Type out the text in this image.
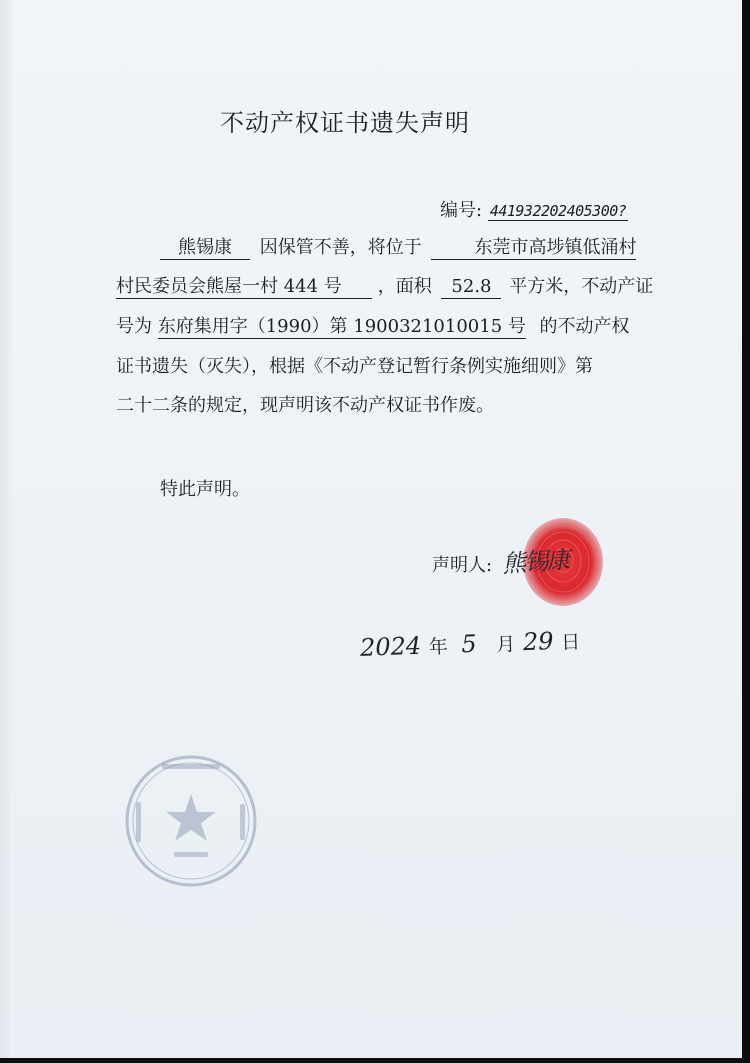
不动产权证书遗失声明
编号: 441932202405300?
熊锡康 因保管不善，将位于	东莞市高埗镇低涌村
村民委员会熊屋一村 444 号 ，面积 52.8 平方米，不动产证
号为 东府集用字（1990）第 1900321010015 号 的不动产权
证书遗失（灭失），根据《不动产登记暂行条例实施细则》第
二十二条的规定，现声明该不动产权证书作废。
特此声明。
声明人: 熊锡康
2024 年 5 月 29 日
